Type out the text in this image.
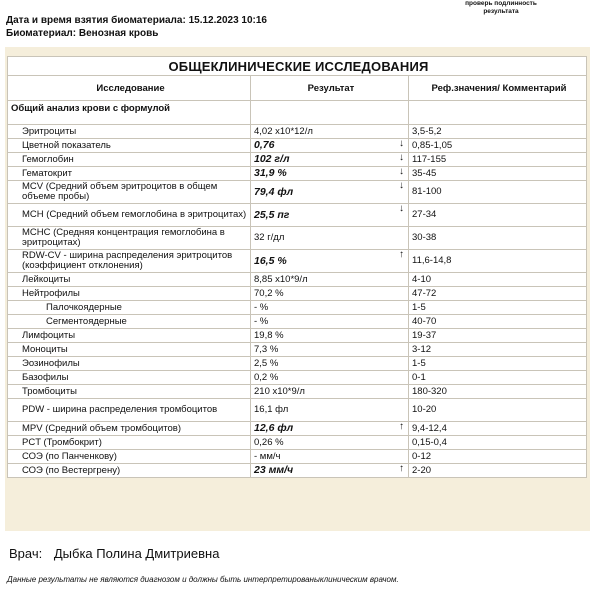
проверь подлинность
результата
Дата и время взятия биоматериала: 15.12.2023 10:16
Биоматериал: Венозная кровь
ОБЩЕКЛИНИЧЕСКИЕ ИССЛЕДОВАНИЯ		
Исследование	Результат	Реф.значения/ Комментарий
Общий анализ крови с формулой		
Эритроциты	4,02 x10*12/л	3,5-5,2
Цветной показатель	0,76 ↓	0,85-1,05
Гемоглобин	102 г/л ↓	117-155
Гематокрит	31,9 % ↓	35-45
MCV (Средний объем эритроцитов в общем объеме пробы)	79,4 фл ↓	81-100
MCH (Средний объем гемоглобина в эритроцитах)	25,5 пг ↓	27-34
MCHC (Средняя концентрация гемоглобина в эритроцитах)	32 г/дл	30-38
RDW-CV - ширина распределения эритроцитов (коэффициент отклонения)	16,5 % ↑	11,6-14,8
Лейкоциты	8,85 x10*9/л	4-10
Нейтрофилы	70,2 %	47-72
Палочкоядерные	- %	1-5
Сегментоядерные	- %	40-70
Лимфоциты	19,8 %	19-37
Моноциты	7,3 %	3-12
Эозинофилы	2,5 %	1-5
Базофилы	0,2 %	0-1
Тромбоциты	210 x10*9/л	180-320
PDW - ширина распределения тромбоцитов	16,1 фл	10-20
MPV (Средний объем тромбоцитов)	12,6 фл ↑	9,4-12,4
PCT (Тромбокрит)	0,26 %	0,15-0,4
СОЭ (по Панченкову)	- мм/ч	0-12
СОЭ (по Вестергрену)	23 мм/ч ↑	2-20
Врач: Дыбка Полина Дмитриевна
Данные результаты не являются диагнозом и должны быть интерпретированыклиническим врачом.
